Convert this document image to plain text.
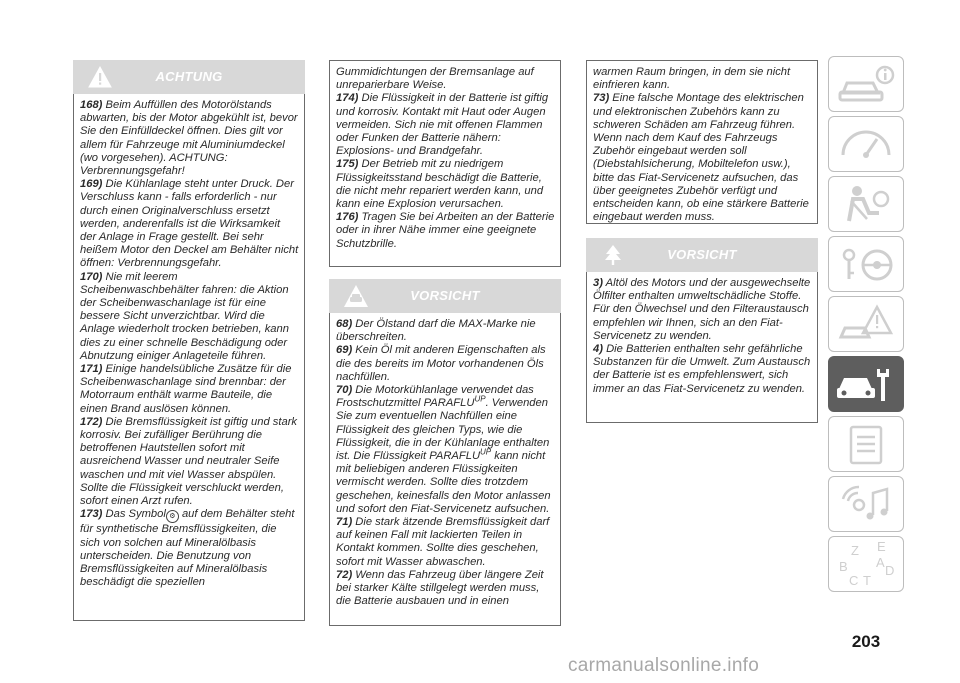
ACHTUNG

168) Beim Auffüllen des Motorölstands abwarten, bis der Motor abgekühlt ist, bevor Sie den Einfülldeckel öffnen. Dies gilt vor allem für Fahrzeuge mit Aluminiumdeckel (wo vorgesehen). ACHTUNG: Verbrennungsgefahr!

169) Die Kühlanlage steht unter Druck. Der Verschluss kann - falls erforderlich - nur durch einen Originalverschluss ersetzt werden, anderenfalls ist die Wirksamkeit der Anlage in Frage gestellt. Bei sehr heißem Motor den Deckel am Behälter nicht öffnen: Verbrennungsgefahr.

170) Nie mit leerem Scheibenwaschbehälter fahren: die Aktion der Scheibenwaschanlage ist für eine bessere Sicht unverzichtbar. Wird die Anlage wiederholt trocken betrieben, kann dies zu einer schnelle Beschädigung oder Abnutzung einiger Anlageteile führen.

171) Einige handelsübliche Zusätze für die Scheibenwaschanlage sind brennbar: der Motorraum enthält warme Bauteile, die einen Brand auslösen können.

172) Die Bremsflüssigkeit ist giftig und stark korrosiv. Bei zufälliger Berührung die betroffenen Hautstellen sofort mit ausreichend Wasser und neutraler Seife waschen und mit viel Wasser abspülen. Sollte die Flüssigkeit verschluckt werden, sofort einen Arzt rufen.

173) Das Symbol ⚙ auf dem Behälter steht für synthetische Bremsflüssigkeiten, die sich von solchen auf Mineralölbasis unterscheiden. Die Benutzung von Bremsflüssigkeiten auf Mineralölbasis beschädigt die speziellen

Gummidichtungen der Bremsanlage auf unreparierbare Weise.

174) Die Flüssigkeit in der Batterie ist giftig und korrosiv. Kontakt mit Haut oder Augen vermeiden. Sich nie mit offenen Flammen oder Funken der Batterie nähern: Explosions- und Brandgefahr.

175) Der Betrieb mit zu niedrigem Flüssigkeitsstand beschädigt die Batterie, die nicht mehr repariert werden kann, und kann eine Explosion verursachen.

176) Tragen Sie bei Arbeiten an der Batterie oder in ihrer Nähe immer eine geeignete Schutzbrille.

VORSICHT

68) Der Ölstand darf die MAX-Marke nie überschreiten.

69) Kein Öl mit anderen Eigenschaften als die des bereits im Motor vorhandenen Öls nachfüllen.

70) Die Motorkühlanlage verwendet das Frostschutzmittel $PARAFLU^{UP}$. Verwenden Sie zum eventuellen Nachfüllen eine Flüssigkeit des gleichen Typs, wie die Flüssigkeit, die in der Kühlanlage enthalten ist. Die Flüssigkeit $PARAFLU^{UP}$ kann nicht mit beliebigen anderen Flüssigkeiten vermischt werden. Sollte dies trotzdem geschehen, keinesfalls den Motor anlassen und sofort den Fiat-Servicenetz aufsuchen.

71) Die stark ätzende Bremsflüssigkeit darf auf keinen Fall mit lackierten Teilen in Kontakt kommen. Sollte dies geschehen, sofort mit Wasser abwaschen.

72) Wenn das Fahrzeug über längere Zeit bei starker Kälte stillgelegt werden muss, die Batterie ausbauen und in einen

warmen Raum bringen, in dem sie nicht einfrieren kann.

73) Eine falsche Montage des elektrischen und elektronischen Zubehörs kann zu schweren Schäden am Fahrzeug führen. Wenn nach dem Kauf des Fahrzeugs Zubehör eingebaut werden soll (Diebstahlsicherung, Mobiltelefon usw.), bitte das Fiat-Servicenetz aufsuchen, das über geeignetes Zubehör verfügt und entscheiden kann, ob eine stärkere Batterie eingebaut werden muss.

VORSICHT

3) Altöl des Motors und der ausgewechselte Ölfilter enthalten umweltschädliche Stoffe. Für den Ölwechsel und den Filteraustausch empfehlen wir Ihnen, sich an den Fiat-Servicenetz zu wenden.

4) Die Batterien enthalten sehr gefährliche Substanzen für die Umwelt. Zum Austausch der Batterie ist es empfehlenswert, sich immer an das Fiat-Servicenetz zu wenden.

Z E
B
C
D
T
A
203
carmanualsonline.info
